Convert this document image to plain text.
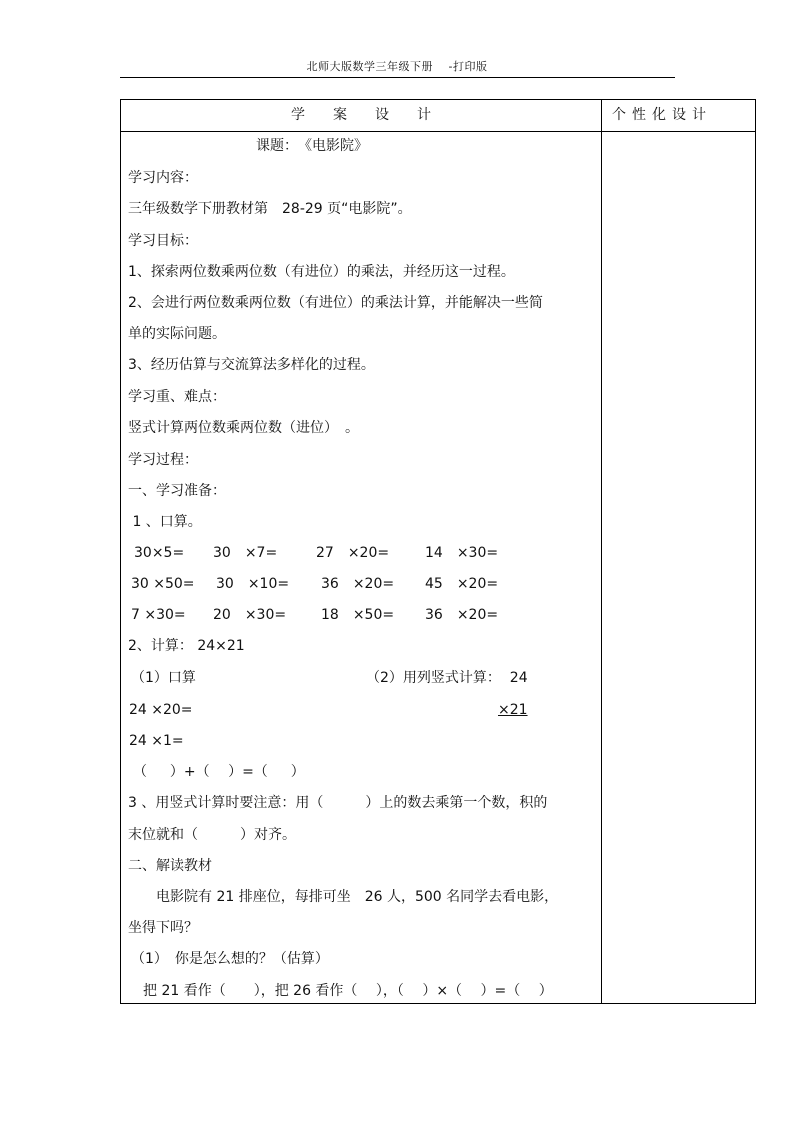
北师大版数学三年级下册　 -打印版
学案设计	个性化设计
课题：　《电影院》
学习内容：
三年级数学下册教材第　28-29 页“电影院”。
学习目标：
1、探索两位数乘两位数（有进位）的乘法，并经历这一过程。
2、会进行两位数乘两位数（有进位）的乘法计算，并能解决一些简
单的实际问题。
3、经历估算与交流算法多样化的过程。
学习重、难点：
竖式计算两位数乘两位数（进位）　。
学习过程：
一、学习准备：
1 、口算。
30×5= 30　×7=	27　×20=	14　×30=
30 ×50= 30　×10= 36　×20= 45　×20=
7 ×30= 20　×30= 18　×50= 36　×20=
2、计算： 24×21
（1）口算	（2）用列竖式计算：  24
24 ×20=	×21
24 ×1=
（　  ）+（　 ）=（　  ）
3 、用竖式计算时要注意：用（　　　）上的数去乘第一个数，积的
末位就和（　　　）对齐。
二、解读教材
　　电影院有 21 排座位，每排可坐　26 人，500 名同学去看电影，
坐得下吗？
（1）　你是怎么想的？（估算）
　把 21 看作（　　），把 26 看作（　 ），（　 ）×（　 ）=（　 ）
